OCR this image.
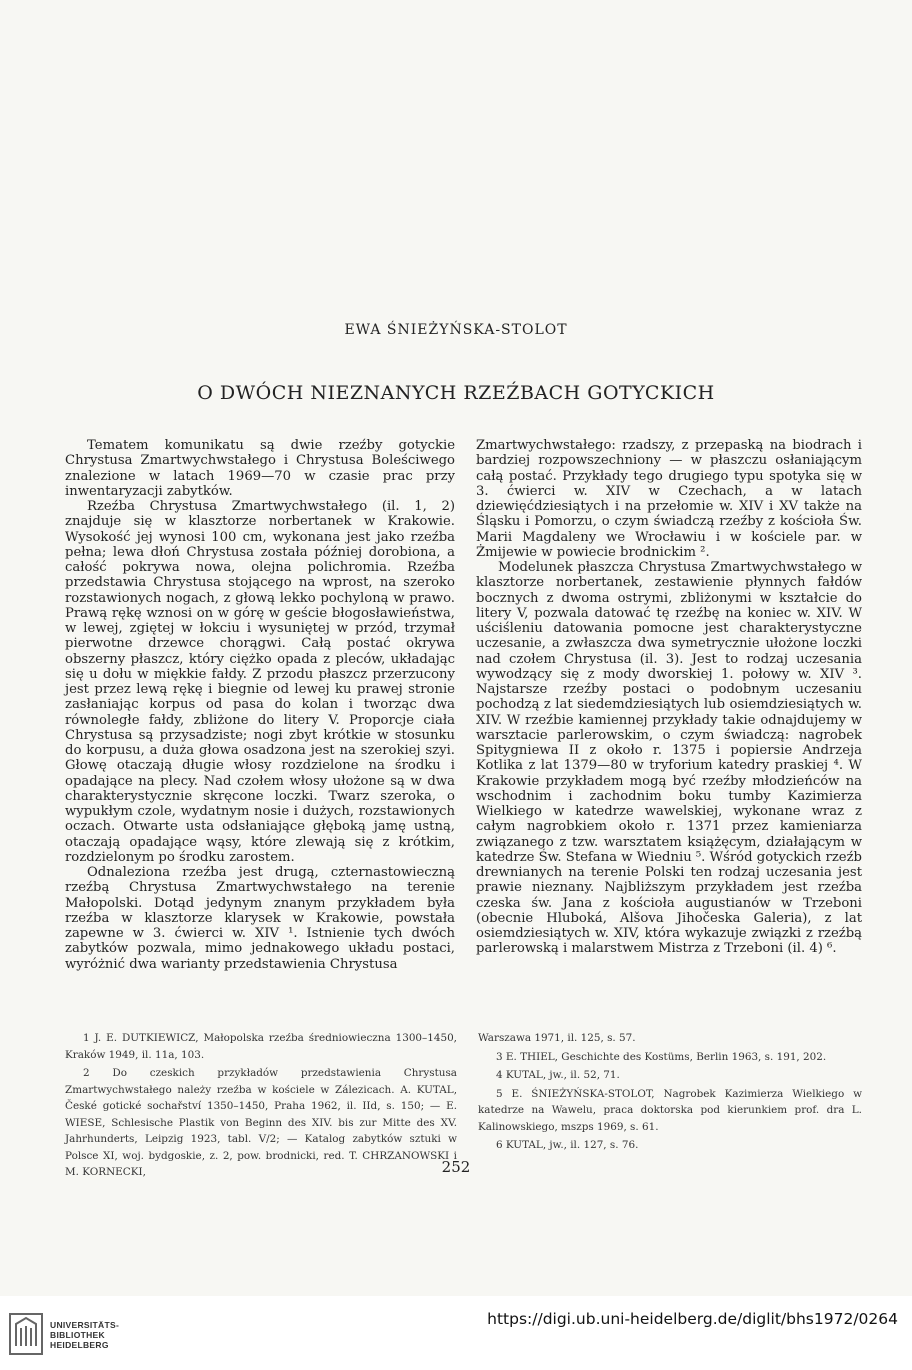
EWA ŚNIEŻYŃSKA-STOLOT
O DWÓCH NIEZNANYCH RZEŹBACH GOTYCKICH

Tematem komunikatu są dwie rzeźby gotyckie Chrystusa Zmartwychwstałego i Chrystusa Boleściwego znalezione w latach 1969—70 w czasie prac przy inwentaryzacji zabytków.

Rzeźba Chrystusa Zmartwychwstałego (il. 1, 2) znajduje się w klasztorze norbertanek w Krakowie. Wysokość jej wynosi 100 cm, wykonana jest jako rzeźba pełna; lewa dłoń Chrystusa została później dorobiona, a całość pokrywa nowa, olejna polichromia. Rzeźba przedstawia Chrystusa stojącego na wprost, na szeroko rozstawionych nogach, z głową lekko pochyloną w prawo. Prawą rękę wznosi on w górę w geście błogosławieństwa, w lewej, zgiętej w łokciu i wysuniętej w przód, trzymał pierwotne drzewce chorągwi. Całą postać okrywa obszerny płaszcz, który ciężko opada z pleców, układając się u dołu w miękkie fałdy. Z przodu płaszcz przerzucony jest przez lewą rękę i biegnie od lewej ku prawej stronie zasłaniając korpus od pasa do kolan i tworząc dwa równoległe fałdy, zbliżone do litery V. Proporcje ciała Chrystusa są przysadziste; nogi zbyt krótkie w stosunku do korpusu, a duża głowa osadzona jest na szerokiej szyi. Głowę otaczają długie włosy rozdzielone na środku i opadające na plecy. Nad czołem włosy ułożone są w dwa charakterystycznie skręcone loczki. Twarz szeroka, o wypukłym czole, wydatnym nosie i dużych, rozstawionych oczach. Otwarte usta odsłaniające głęboką jamę ustną, otaczają opadające wąsy, które zlewają się z krótkim, rozdzielonym po środku zarostem.

Odnaleziona rzeźba jest drugą, czternastowieczną rzeźbą Chrystusa Zmartwychwstałego na terenie Małopolski. Dotąd jedynym znanym przykładem była rzeźba w klasztorze klarysek w Krakowie, powstała zapewne w 3. ćwierci w. XIV ¹. Istnienie tych dwóch zabytków pozwala, mimo jednakowego układu postaci, wyróżnić dwa warianty przedstawienia Chrystusa

Zmartwychwstałego: rzadszy, z przepaską na biodrach i bardziej rozpowszechniony — w płaszczu osłaniającym całą postać. Przykłady tego drugiego typu spotyka się w 3. ćwierci w. XIV w Czechach, a w latach dziewięćdziesiątych i na przełomie w. XIV i XV także na Śląsku i Pomorzu, o czym świadczą rzeźby z kościoła Św. Marii Magdaleny we Wrocławiu i w kościele par. w Żmijewie w powiecie brodnickim ².

Modelunek płaszcza Chrystusa Zmartwychwstałego w klasztorze norbertanek, zestawienie płynnych fałdów bocznych z dwoma ostrymi, zbliżonymi w kształcie do litery V, pozwala datować tę rzeźbę na koniec w. XIV. W uściśleniu datowania pomocne jest charakterystyczne uczesanie, a zwłaszcza dwa symetrycznie ułożone loczki nad czołem Chrystusa (il. 3). Jest to rodzaj uczesania wywodzący się z mody dworskiej 1. połowy w. XIV ³. Najstarsze rzeźby postaci o podobnym uczesaniu pochodzą z lat siedemdziesiątych lub osiemdziesiątych w. XIV. W rzeźbie kamiennej przykłady takie odnajdujemy w warsztacie parlerowskim, o czym świadczą: nagrobek Spitygniewa II z około r. 1375 i popiersie Andrzeja Kotlika z lat 1379—80 w tryforium katedry praskiej ⁴. W Krakowie przykładem mogą być rzeźby młodzieńców na wschodnim i zachodnim boku tumby Kazimierza Wielkiego w katedrze wawelskiej, wykonane wraz z całym nagrobkiem około r. 1371 przez kamieniarza związanego z tzw. warsztatem książęcym, działającym w katedrze Św. Stefana w Wiedniu ⁵. Wśród gotyckich rzeźb drewnianych na terenie Polski ten rodzaj uczesania jest prawie nieznany. Najbliższym przykładem jest rzeźba czeska św. Jana z kościoła augustianów w Trzeboni (obecnie Hluboká, Alšova Jihočeska Galeria), z lat osiemdziesiątych w. XIV, która wykazuje związki z rzeźbą parlerowską i malarstwem Mistrza z Trzeboni (il. 4) ⁶.

1 J. E. DUTKIEWICZ, Małopolska rzeźba średniowieczna 1300–1450, Kraków 1949, il. 11a, 103.

2 Do czeskich przykładów przedstawienia Chrystusa Zmartwychwstałego należy rzeźba w kościele w Zálezicach. A. KUTAL, České gotické sochařství 1350–1450, Praha 1962, il. IId, s. 150; — E. WIESE, Schlesische Plastik von Beginn des XIV. bis zur Mitte des XV. Jahrhunderts, Leipzig 1923, tabl. V/2; — Katalog zabytków sztuki w Polsce XI, woj. bydgoskie, z. 2, pow. brodnicki, red. T. CHRZANOWSKI i M. KORNECKI,

Warszawa 1971, il. 125, s. 57.

3 E. THIEL, Geschichte des Kostüms, Berlin 1963, s. 191, 202.

4 KUTAL, jw., il. 52, 71.

5 E. ŚNIEŻYŃSKA-STOLOT, Nagrobek Kazimierza Wielkiego w katedrze na Wawelu, praca doktorska pod kierunkiem prof. dra L. Kalinowskiego, mszps 1969, s. 61.

6 KUTAL, jw., il. 127, s. 76.

252
UNIVERSITÄTS-
BIBLIOTHEK
HEIDELBERG
https://digi.ub.uni-heidelberg.de/diglit/bhs1972/0264
